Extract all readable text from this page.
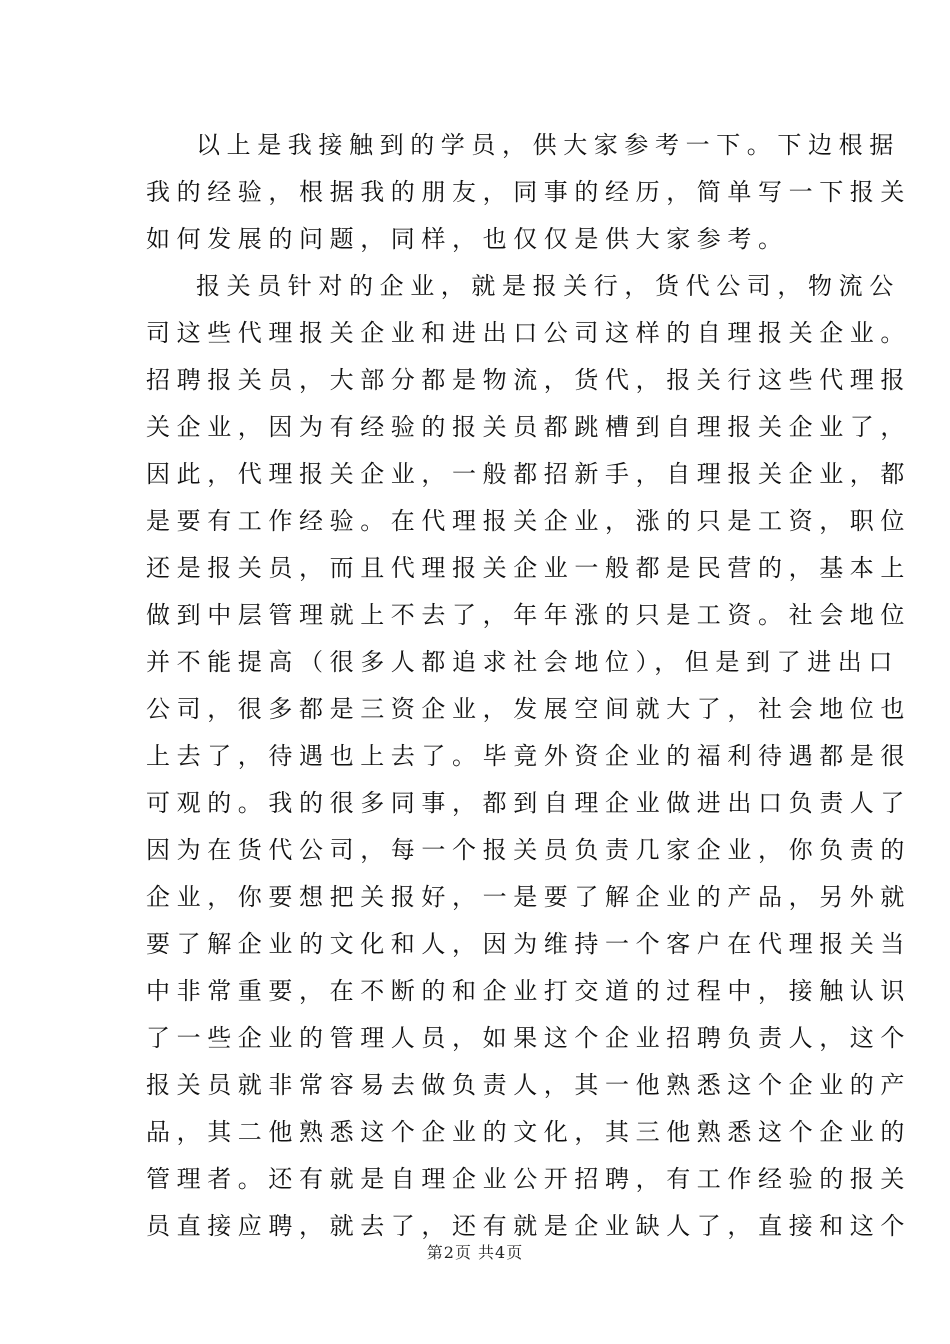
以上是我接触到的学员，供大家参考一下。下边根据
我的经验，根据我的朋友，同事的经历，简单写一下报关
如何发展的问题，同样，也仅仅是供大家参考。
报关员针对的企业，就是报关行，货代公司，物流公
司这些代理报关企业和进出口公司这样的自理报关企业。
招聘报关员，大部分都是物流，货代，报关行这些代理报
关企业，因为有经验的报关员都跳槽到自理报关企业了，
因此，代理报关企业，一般都招新手，自理报关企业，都
是要有工作经验。在代理报关企业，涨的只是工资，职位
还是报关员，而且代理报关企业一般都是民营的，基本上
做到中层管理就上不去了，年年涨的只是工资。社会地位
并不能提高（很多人都追求社会地位），但是到了进出口
公司，很多都是三资企业，发展空间就大了，社会地位也
上去了，待遇也上去了。毕竟外资企业的福利待遇都是很
可观的。我的很多同事，都到自理企业做进出口负责人了
因为在货代公司，每一个报关员负责几家企业，你负责的
企业，你要想把关报好，一是要了解企业的产品，另外就
要了解企业的文化和人，因为维持一个客户在代理报关当
中非常重要，在不断的和企业打交道的过程中，接触认识
了一些企业的管理人员，如果这个企业招聘负责人，这个
报关员就非常容易去做负责人，其一他熟悉这个企业的产
品，其二他熟悉这个企业的文化，其三他熟悉这个企业的
管理者。还有就是自理企业公开招聘，有工作经验的报关
员直接应聘，就去了，还有就是企业缺人了，直接和这个
第2页 共4页
